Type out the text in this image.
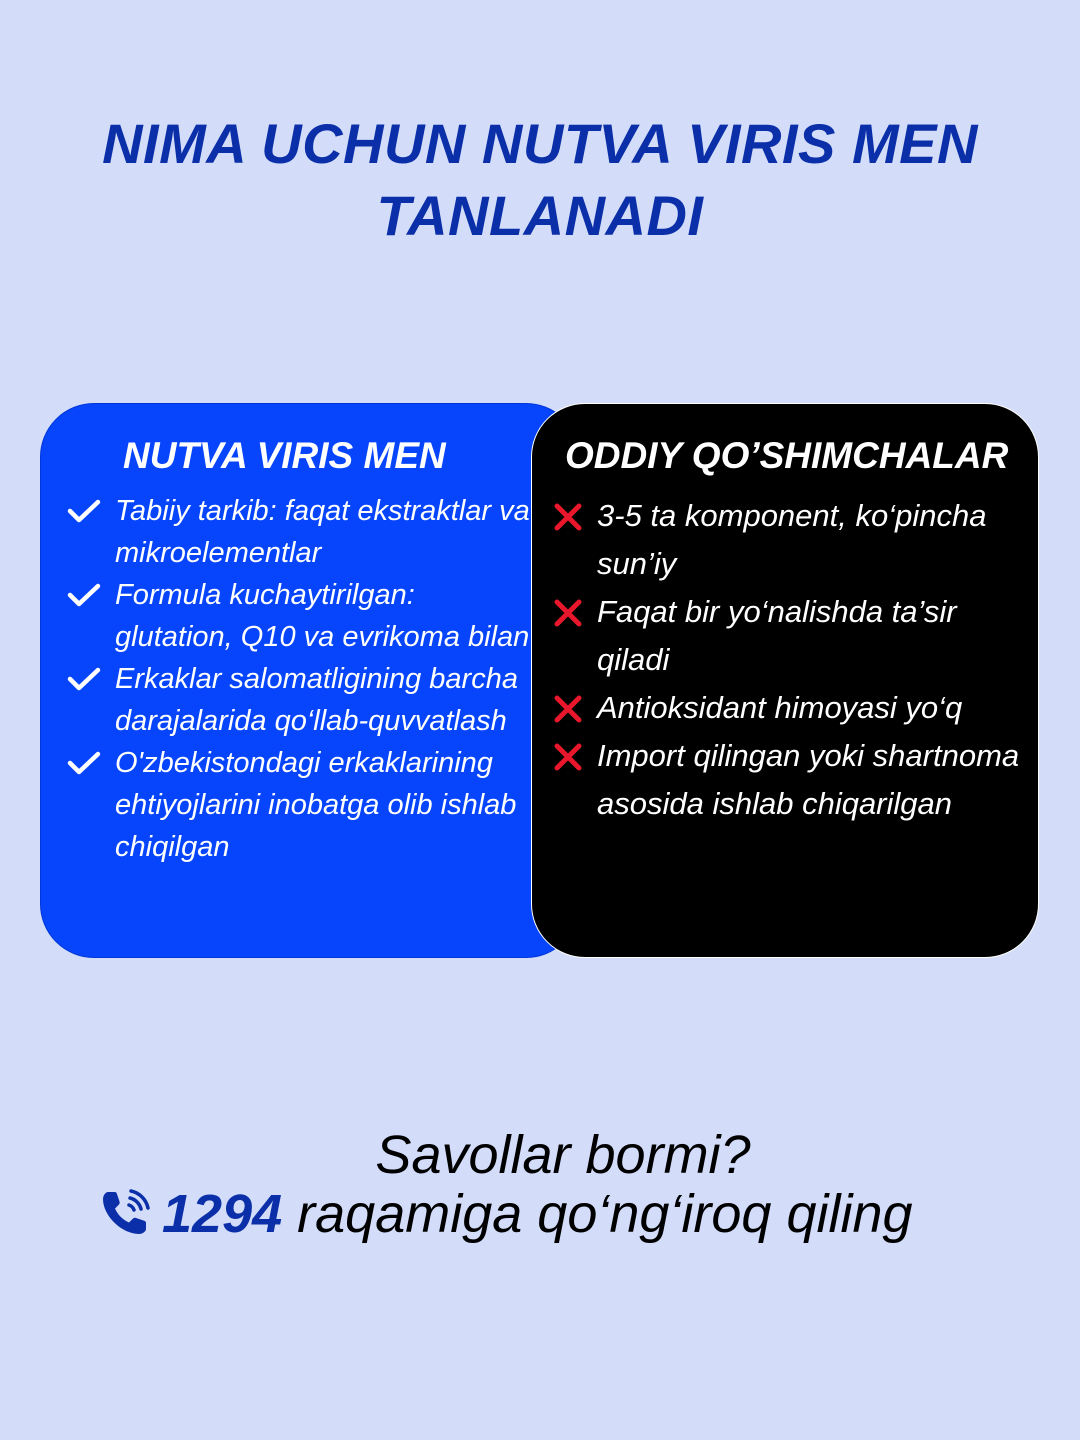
NIMA UCHUN NUTVA VIRIS MEN
TANLANADI
NUTVA VIRIS MEN
Tabiiy tarkib: faqat ekstraktlar va mikroelementlar
Formula kuchaytirilgan: glutation, Q10 va evrikoma bilan
Erkaklar salomatligining barcha darajalarida qo‘llab-quvvatlash
O'zbekistondagi erkaklarining ehtiyojlarini inobatga olib ishlab chiqilgan
ODDIY QO’SHIMCHALAR
3-5 ta komponent, ko‘pincha sun’iy
Faqat bir yo‘nalishda ta’sir qiladi
Antioksidant himoyasi yo‘q
Import qilingan yoki shartnoma asosida ishlab chiqarilgan

Savollar bormi?

1294 raqamiga qo‘ng‘iroq qiling
